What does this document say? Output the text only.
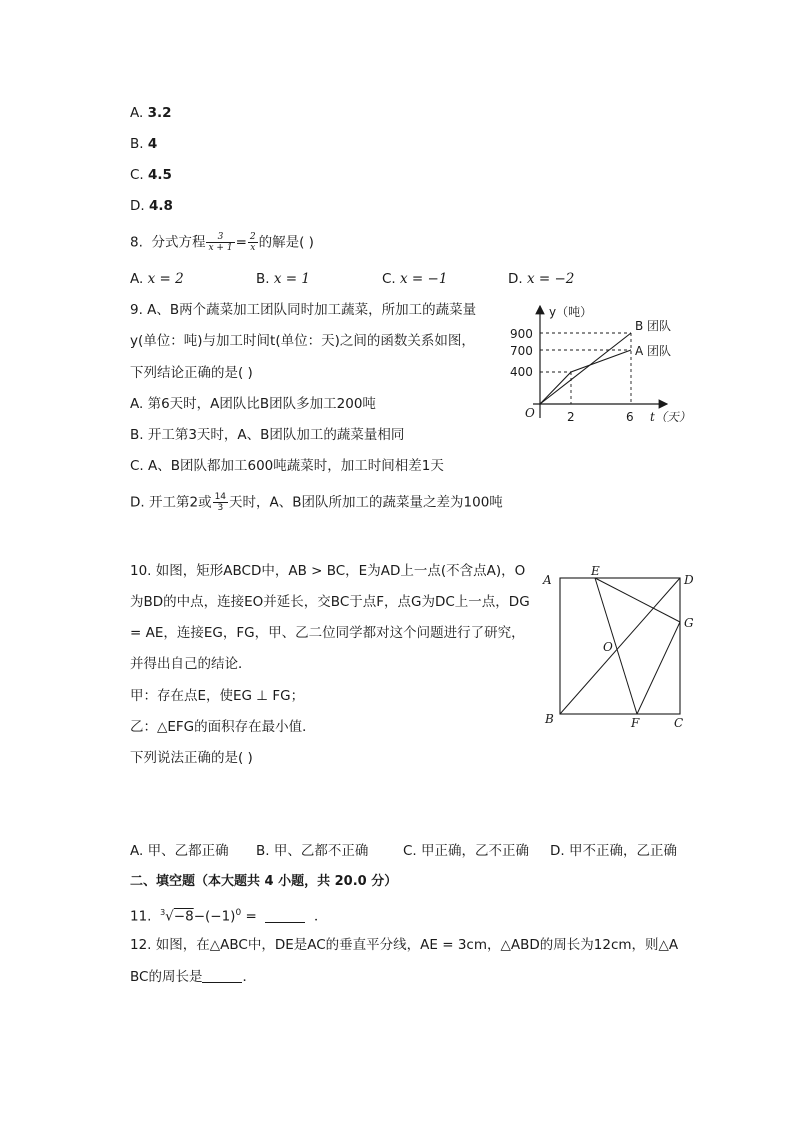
A. 3.2
B. 4
C. 4.5
D. 4.8
8. 分式方程 $\frac{3}{x + 1} = \frac{2}{x}$ 的解是( )
A. x = 2	B. x = 1	C. x = −1	D. x = −2
9. A、B两个蔬菜加工团队同时加工蔬菜，所加工的蔬菜量
y(单位：吨)与加工时间t(单位：天)之间的函数关系如图，
下列结论正确的是( )
A. 第6天时，A团队比B团队多加工200吨
B. 开工第3天时，A、B团队加工的蔬菜量相同
C. A、B团队都加工600吨蔬菜时，加工时间相差1天
D. 开工第2或 $\frac{14}{3}$ 天时，A、B团队所加工的蔬菜量之差为100吨
y（吨）
t（天）
O
900
700
400
2	6
B 团队
A 团队
10. 如图，矩形ABCD中，AB > BC，E为AD上一点(不含点A)，O
为BD的中点，连接EO并延长，交BC于点F，点G为DC上一点，DG
= AE，连接EG，FG，甲、乙二位同学都对这个问题进行了研究，
并得出自己的结论．
甲：存在点E，使EG ⊥ FG；
乙：△EFG的面积存在最小值．
下列说法正确的是( )
A
E
D
G
O
B	F	C
A. 甲、乙都正确 B. 甲、乙都不正确	C. 甲正确，乙不正确 D. 甲不正确，乙正确
二、填空题（本大题共 4 小题，共 20.0 分）
11. $^3√-8-(-1)^0$ =	．
12. 如图，在△ABC中，DE是AC的垂直平分线，AE = 3cm，△ABD的周长为12cm，则△A
BC的周长是	．
